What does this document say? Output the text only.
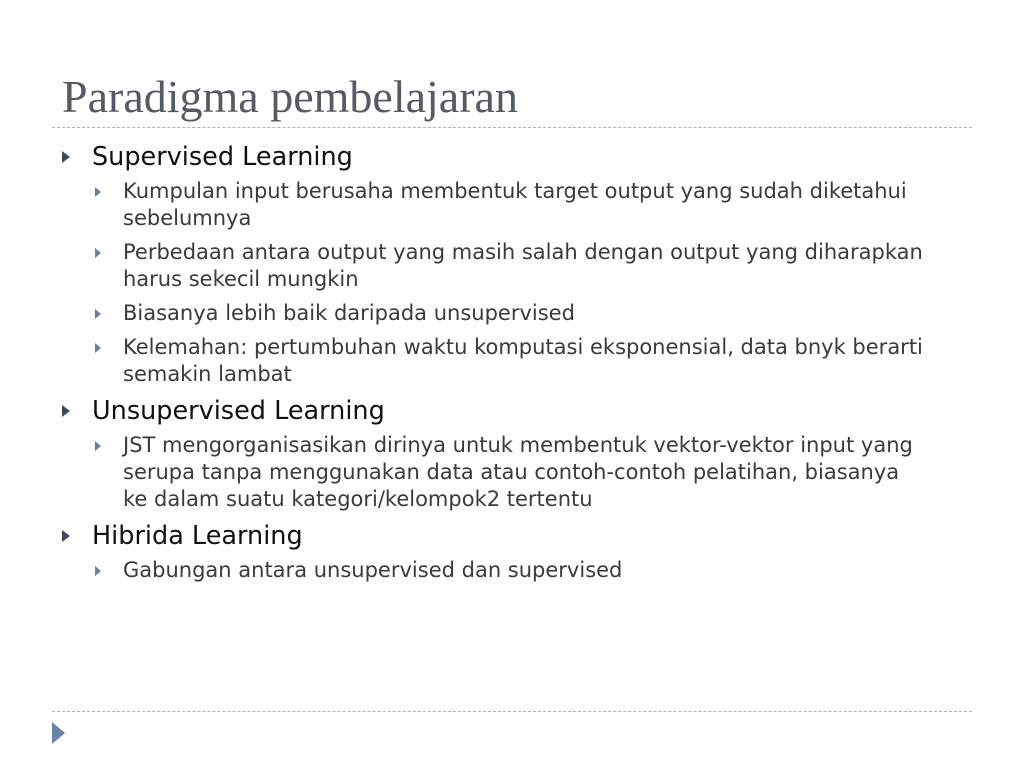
Paradigma pembelajaran
Supervised Learning
Kumpulan input berusaha membentuk target output yang sudah diketahui sebelumnya
Perbedaan antara output yang masih salah dengan output yang diharapkan harus sekecil mungkin
Biasanya lebih baik daripada unsupervised
Kelemahan: pertumbuhan waktu komputasi eksponensial, data bnyk berarti semakin lambat
Unsupervised Learning
JST mengorganisasikan dirinya untuk membentuk vektor-vektor input yang serupa tanpa menggunakan data atau contoh-contoh pelatihan, biasanya ke dalam suatu kategori/kelompok2 tertentu
Hibrida Learning
Gabungan antara unsupervised dan supervised
